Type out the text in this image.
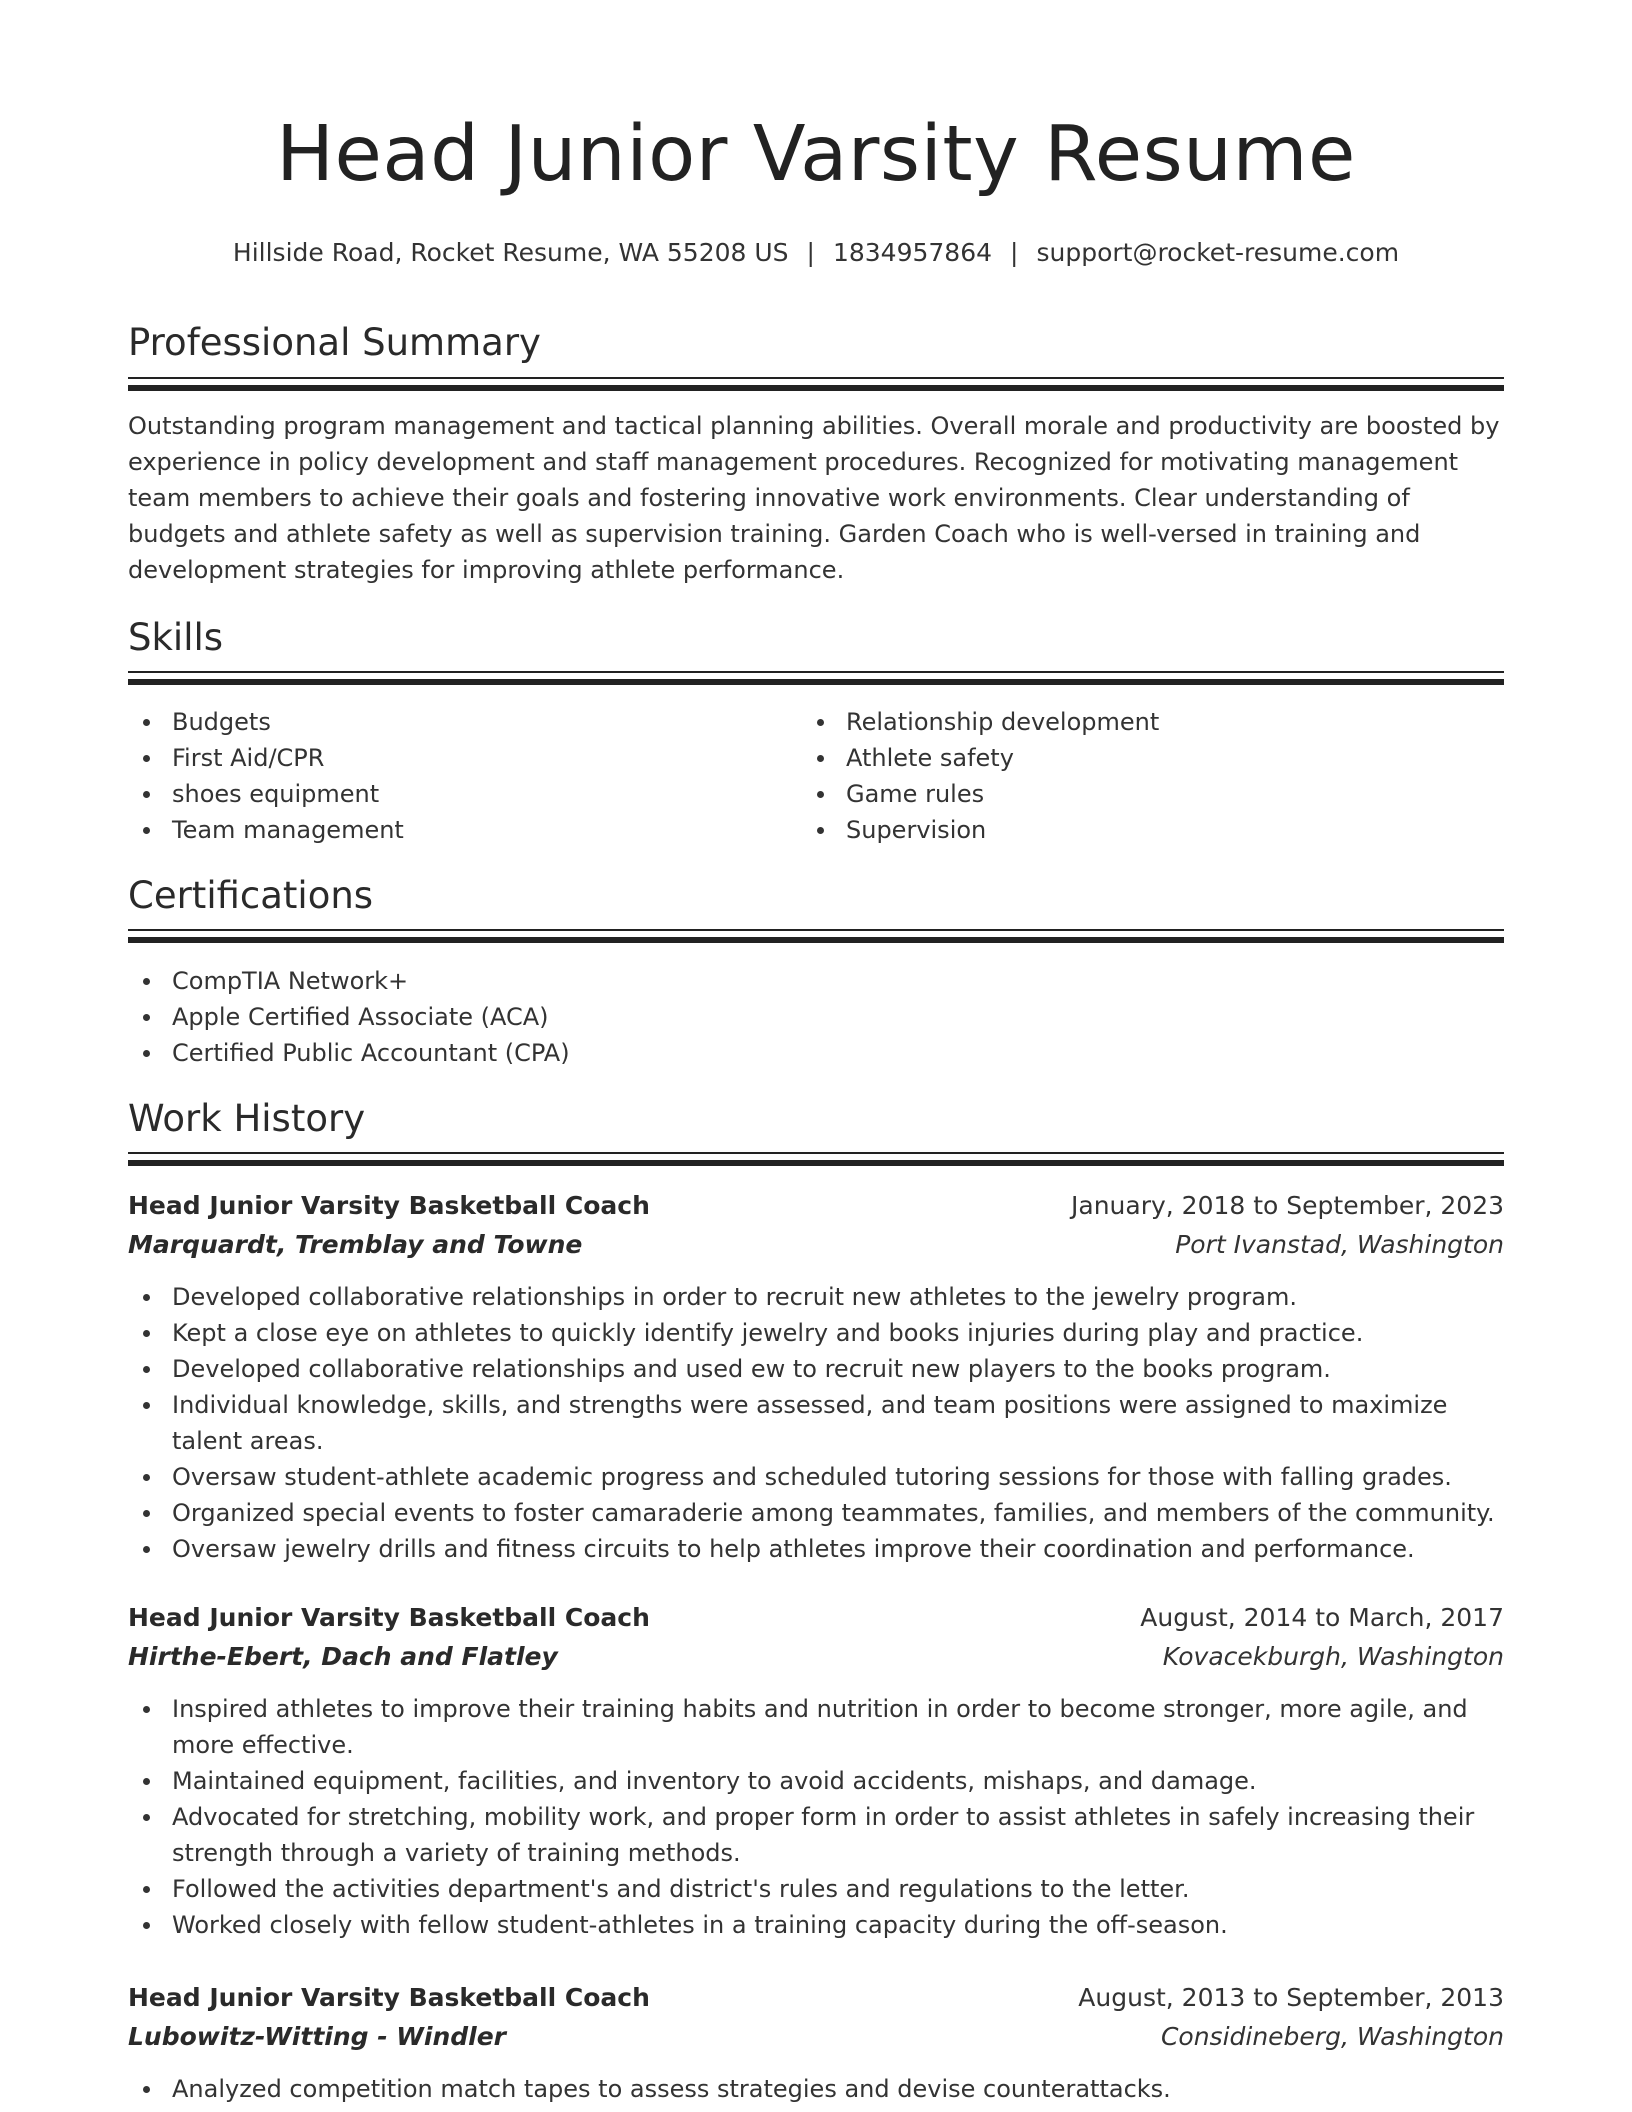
Head Junior Varsity Resume
Hillside Road, Rocket Resume, WA 55208 US | 1834957864 | support@rocket-resume.com
Professional Summary

Outstanding program management and tactical planning abilities. Overall morale and productivity are boosted by experience in policy development and staff management procedures. Recognized for motivating management team members to achieve their goals and fostering innovative work environments. Clear understanding of budgets and athlete safety as well as supervision training. Garden Coach who is well-versed in training and development strategies for improving athlete performance.

Skills
Budgets
First Aid/CPR
shoes equipment
Team management
Relationship development
Athlete safety
Game rules
Supervision
Certifications
CompTIA Network+
Apple Certified Associate (ACA)
Certified Public Accountant (CPA)
Work History
Head Junior Varsity Basketball Coach	January, 2018 to September, 2023
Marquardt, Tremblay and Towne	Port Ivanstad, Washington
Developed collaborative relationships in order to recruit new athletes to the jewelry program.
Kept a close eye on athletes to quickly identify jewelry and books injuries during play and practice.
Developed collaborative relationships and used ew to recruit new players to the books program.
Individual knowledge, skills, and strengths were assessed, and team positions were assigned to maximize talent areas.
Oversaw student-athlete academic progress and scheduled tutoring sessions for those with falling grades.
Organized special events to foster camaraderie among teammates, families, and members of the community.
Oversaw jewelry drills and fitness circuits to help athletes improve their coordination and performance.
Head Junior Varsity Basketball Coach	August, 2014 to March, 2017
Hirthe-Ebert, Dach and Flatley	Kovacekburgh, Washington
Inspired athletes to improve their training habits and nutrition in order to become stronger, more agile, and more effective.
Maintained equipment, facilities, and inventory to avoid accidents, mishaps, and damage.
Advocated for stretching, mobility work, and proper form in order to assist athletes in safely increasing their strength through a variety of training methods.
Followed the activities department's and district's rules and regulations to the letter.
Worked closely with fellow student-athletes in a training capacity during the off-season.
Head Junior Varsity Basketball Coach	August, 2013 to September, 2013
Lubowitz-Witting - Windler	Considineberg, Washington
Analyzed competition match tapes to assess strategies and devise counterattacks.
